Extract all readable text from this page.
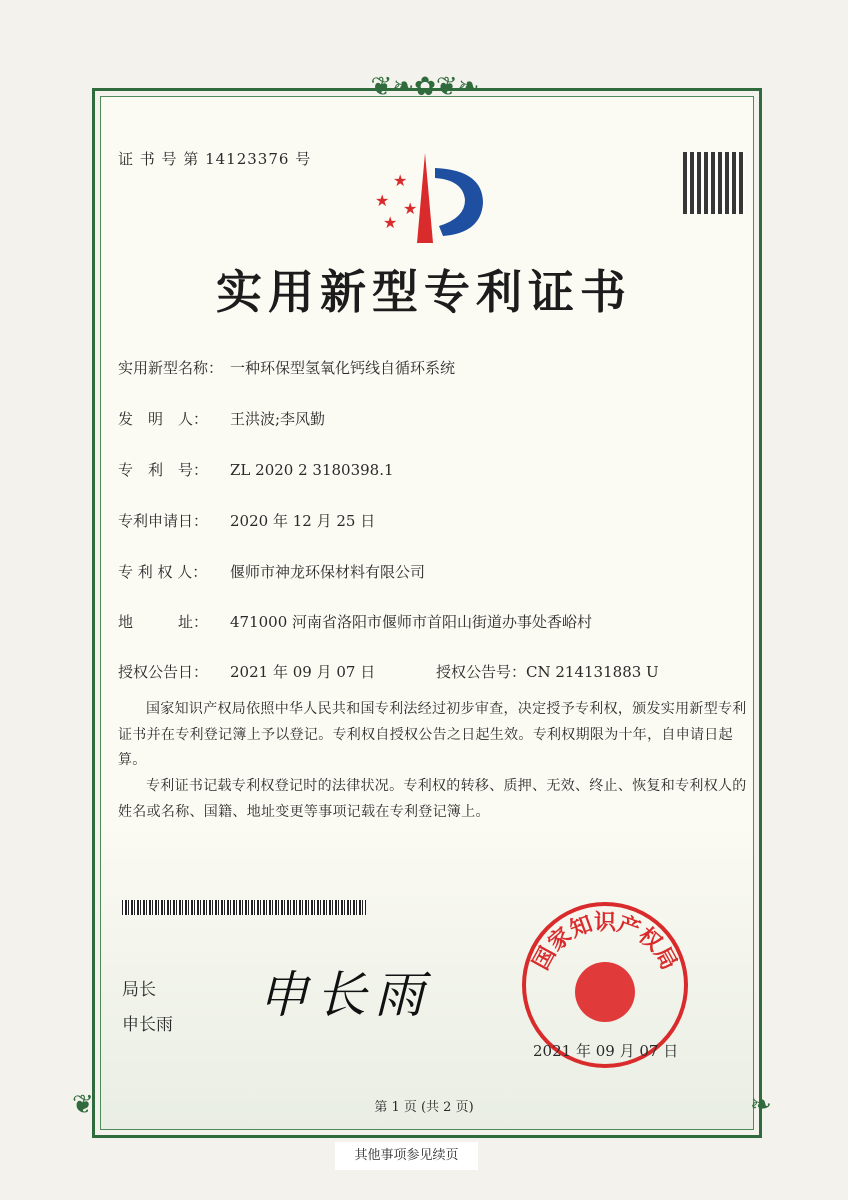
❦❧✿❦❧
❦	❧
证 书 号 第 14123376 号
★
★
★
★
实用新型专利证书
实用新型名称： 一种环保型氢氧化钙线自循环系统
发　明　人： 王洪波;李风勤
专　利　号： ZL 2020 2 3180398.1
专利申请日： 2020 年 12 月 25 日
专 利 权 人： 偃师市神龙环保材料有限公司
地　　　址： 471000 河南省洛阳市偃师市首阳山街道办事处香峪村
授权公告日： 2021 年 09 月 07 日	授权公告号：CN 214131883 U
国家知识产权局依照中华人民共和国专利法经过初步审查，决定授予专利权，颁发实用新型专利证书并在专利登记簿上予以登记。专利权自授权公告之日起生效。专利权期限为十年，自申请日起算。
专利证书记载专利权登记时的法律状况。专利权的转移、质押、无效、终止、恢复和专利权人的姓名或名称、国籍、地址变更等事项记载在专利登记簿上。
局长
申长雨
申长雨
国家知识产权局
2021 年 09 月 07 日
第 1 页 (共 2 页)
其他事项参见续页
